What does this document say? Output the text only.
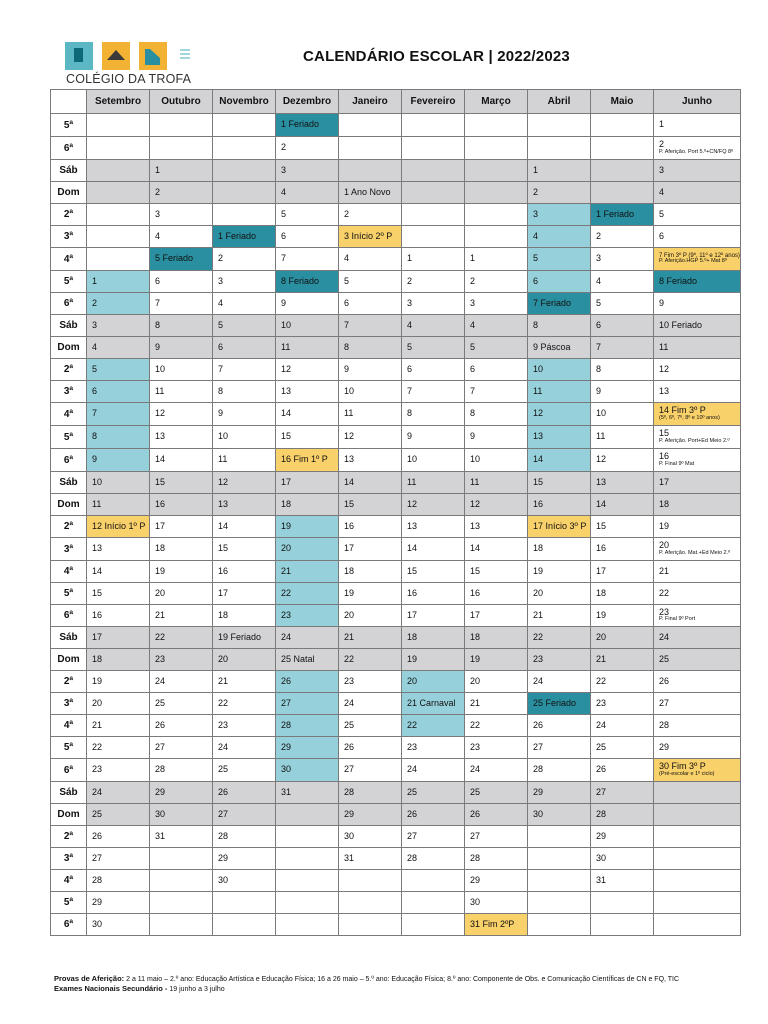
COLÉGIO DA TROFA
CALENDÁRIO ESCOLAR | 2022/2023
	Setembro	Outubro	Novembro	Dezembro	Janeiro	Fevereiro	Março	Abril	Maio	Junho
5ª				1 Feriado						1

6ª				2						2
P. Aferição. Port 5.º+CN/FQ 8º

Sáb		1		3				1		3

Dom		2		4	1 Ano Novo			2		4

2ª		3		5	2			3	1 Feriado	5

3ª		4	1 Feriado	6	3 Início 2º P			4	2	6

4ª		5 Feriado	2	7	4	1	1	5	3	7 Fim 3º P (9º, 11º e 12º anos)
P. Aferição.HGP 5.º+ Mat 8º

5ª	1	6	3	8 Feriado	5	2	2	6	4	8 Feriado

6ª	2	7	4	9	6	3	3	7 Feriado	5	9

Sáb	3	8	5	10	7	4	4	8	6	10 Feriado

Dom	4	9	6	11	8	5	5	9 Páscoa	7	11

2ª	5	10	7	12	9	6	6	10	8	12

3ª	6	11	8	13	10	7	7	11	9	13

4ª	7	12	9	14	11	8	8	12	10	14 Fim 3º P
(5º, 6º, 7º, 8º e 10º anos)

5ª	8	13	10	15	12	9	9	13	11	15
P. Aferição. Port+Ed Meio 2.º

6ª	9	14	11	16 Fim 1º P	13	10	10	14	12	16
P. Final 9º Mat

Sáb	10	15	12	17	14	11	11	15	13	17

Dom	11	16	13	18	15	12	12	16	14	18

2ª	12 Início 1º P	17	14	19	16	13	13	17 Início 3º P	15	19

3ª	13	18	15	20	17	14	14	18	16	20
P. Aferição. Mat.+Ed Meio 2.º

4ª	14	19	16	21	18	15	15	19	17	21

5ª	15	20	17	22	19	16	16	20	18	22

6ª	16	21	18	23	20	17	17	21	19	23
P. Final 9º Port

Sáb	17	22	19 Feriado	24	21	18	18	22	20	24

Dom	18	23	20	25 Natal	22	19	19	23	21	25

2ª	19	24	21	26	23	20	20	24	22	26

3ª	20	25	22	27	24	21 Carnaval	21	25 Feriado	23	27

4ª	21	26	23	28	25	22	22	26	24	28

5ª	22	27	24	29	26	23	23	27	25	29

6ª	23	28	25	30	27	24	24	28	26	30 Fim 3º P
(Pré-escolar e 1º ciclo)

Sáb	24	29	26	31	28	25	25	29	27	

Dom	25	30	27		29	26	26	30	28	

2ª	26	31	28		30	27	27		29	

3ª	27		29		31	28	28		30	

4ª	28		30				29		31	

5ª	29						30			

6ª	30						31 Fim 2ºP			

Provas de Aferição: 2 a 11 maio – 2.º ano: Educação Artística e Educação Física; 16 a 26 maio – 5.º ano: Educação Física; 8.º ano: Componente de Obs. e Comunicação Científicas de CN e FQ, TIC
Exames Nacionais Secundário - 19 junho a 3 julho
